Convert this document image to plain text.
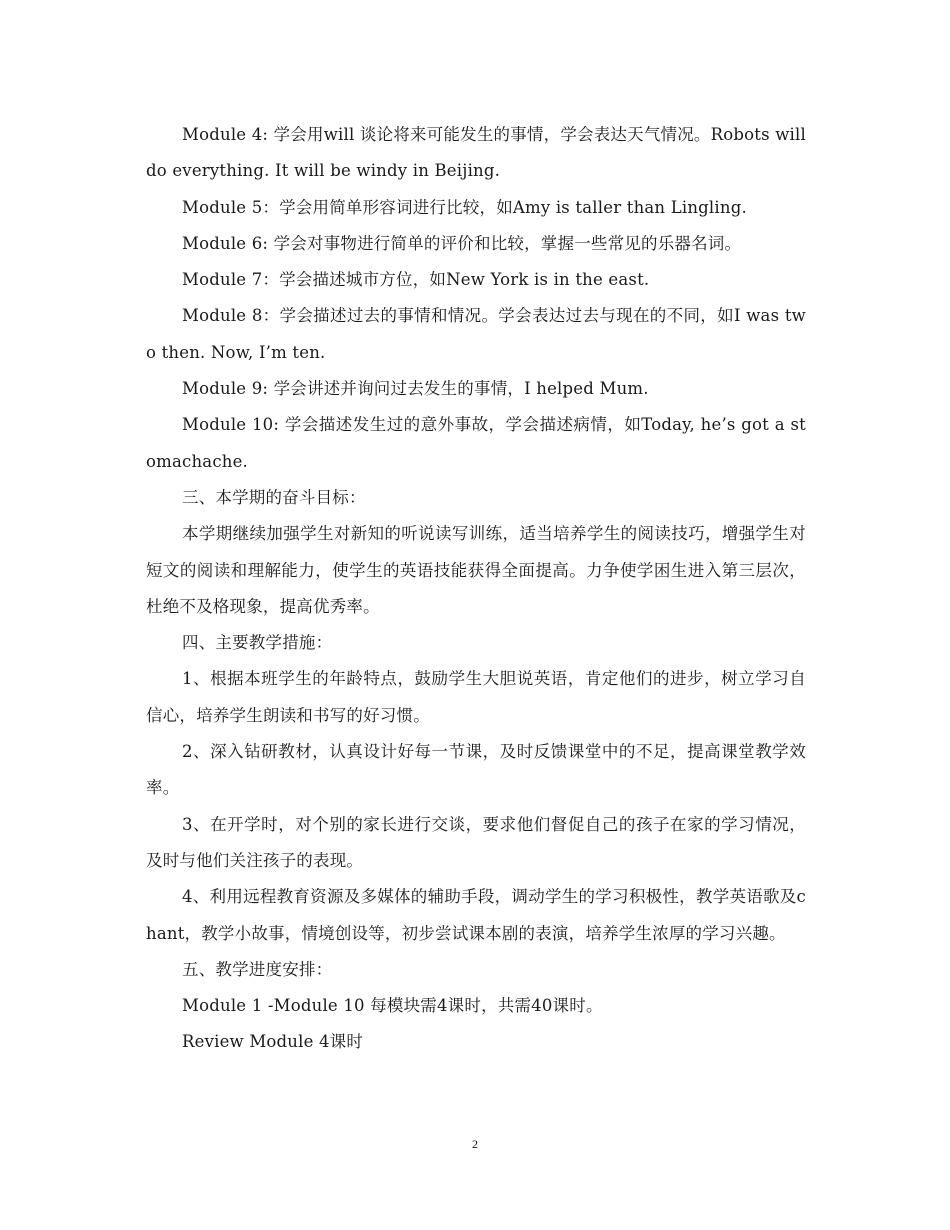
Module 4: 学会用will 谈论将来可能发生的事情，学会表达天气情况。Robots will do everything. It will be windy in Beijing.

Module 5：学会用简单形容词进行比较，如Amy is taller than Lingling.

Module 6: 学会对事物进行简单的评价和比较，掌握一些常见的乐器名词。

Module 7：学会描述城市方位，如New York is in the east.

Module 8：学会描述过去的事情和情况。学会表达过去与现在的不同，如I was two then. Now, I’m ten.

Module 9: 学会讲述并询问过去发生的事情，I helped Mum.

Module 10: 学会描述发生过的意外事故，学会描述病情，如Today, he’s got a stomachache.

三、本学期的奋斗目标：

本学期继续加强学生对新知的听说读写训练，适当培养学生的阅读技巧，增强学生对短文的阅读和理解能力，使学生的英语技能获得全面提高。力争使学困生进入第三层次，杜绝不及格现象，提高优秀率。

四、主要教学措施：

1、根据本班学生的年龄特点，鼓励学生大胆说英语，肯定他们的进步，树立学习自信心，培养学生朗读和书写的好习惯。

2、深入钻研教材，认真设计好每一节课，及时反馈课堂中的不足，提高课堂教学效率。

3、在开学时，对个别的家长进行交谈，要求他们督促自己的孩子在家的学习情况，及时与他们关注孩子的表现。

4、利用远程教育资源及多媒体的辅助手段，调动学生的学习积极性，教学英语歌及chant，教学小故事，情境创设等，初步尝试课本剧的表演，培养学生浓厚的学习兴趣。

五、教学进度安排：

Module 1 -Module 10 每模块需4课时，共需40课时。

Review Module 4课时

2
